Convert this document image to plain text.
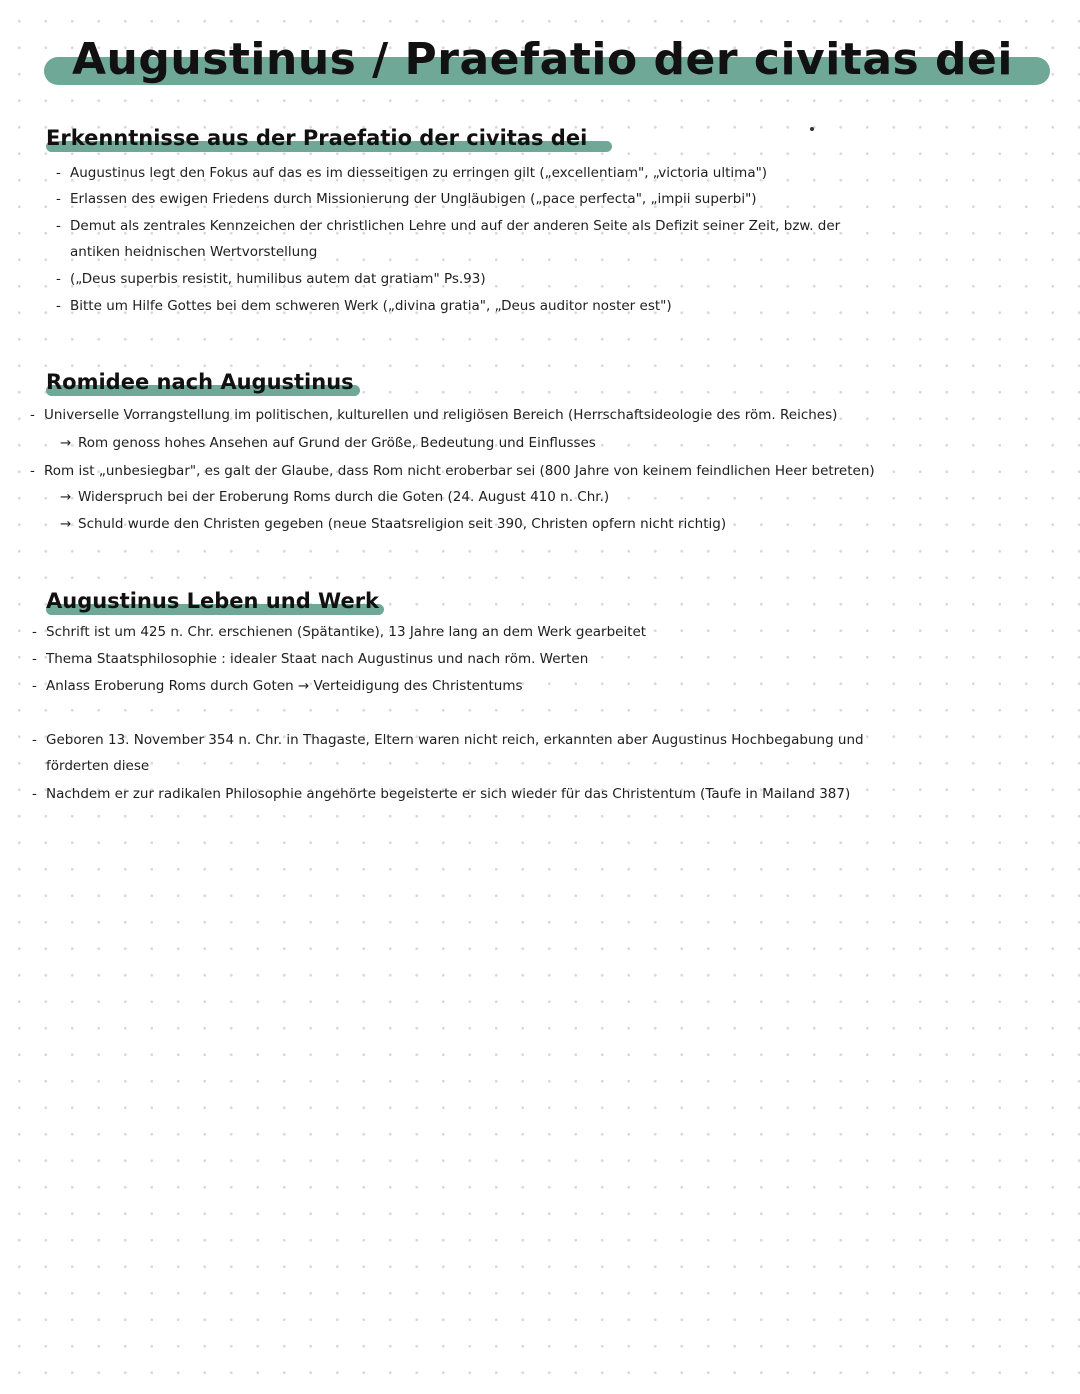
Augustinus / Praefatio der civitas dei
Erkenntnisse aus der Praefatio der civitas dei

- Augustinus legt den Fokus auf das es im diesseitigen zu erringen gilt („excellentiam", „victoria ultima")

- Erlassen des ewigen Friedens durch Missionierung der Ungläubigen („pace perfecta", „impii superbi")

- Demut als zentrales Kennzeichen der christlichen Lehre und auf der anderen Seite als Defizit seiner Zeit, bzw. der

antiken heidnischen Wertvorstellung

- („Deus superbis resistit, humilibus autem dat gratiam" Ps.93)

- Bitte um Hilfe Gottes bei dem schweren Werk („divina gratia", „Deus auditor noster est")

Romidee nach Augustinus

- Universelle Vorrangstellung im politischen, kulturellen und religiösen Bereich (Herrschaftsideologie des röm. Reiches)

→ Rom genoss hohes Ansehen auf Grund der Größe, Bedeutung und Einflusses

- Rom ist „unbesiegbar", es galt der Glaube, dass Rom nicht eroberbar sei (800 Jahre von keinem feindlichen Heer betreten)

→ Widerspruch bei der Eroberung Roms durch die Goten (24. August 410 n. Chr.)

→ Schuld wurde den Christen gegeben (neue Staatsreligion seit 390, Christen opfern nicht richtig)

Augustinus Leben und Werk

- Schrift ist um 425 n. Chr. erschienen (Spätantike), 13 Jahre lang an dem Werk gearbeitet

- Thema Staatsphilosophie : idealer Staat nach Augustinus und nach röm. Werten

- Anlass Eroberung Roms durch Goten → Verteidigung des Christentums

- Geboren 13. November 354 n. Chr. in Thagaste, Eltern waren nicht reich, erkannten aber Augustinus Hochbegabung und

förderten diese

- Nachdem er zur radikalen Philosophie angehörte begeisterte er sich wieder für das Christentum (Taufe in Mailand 387)
